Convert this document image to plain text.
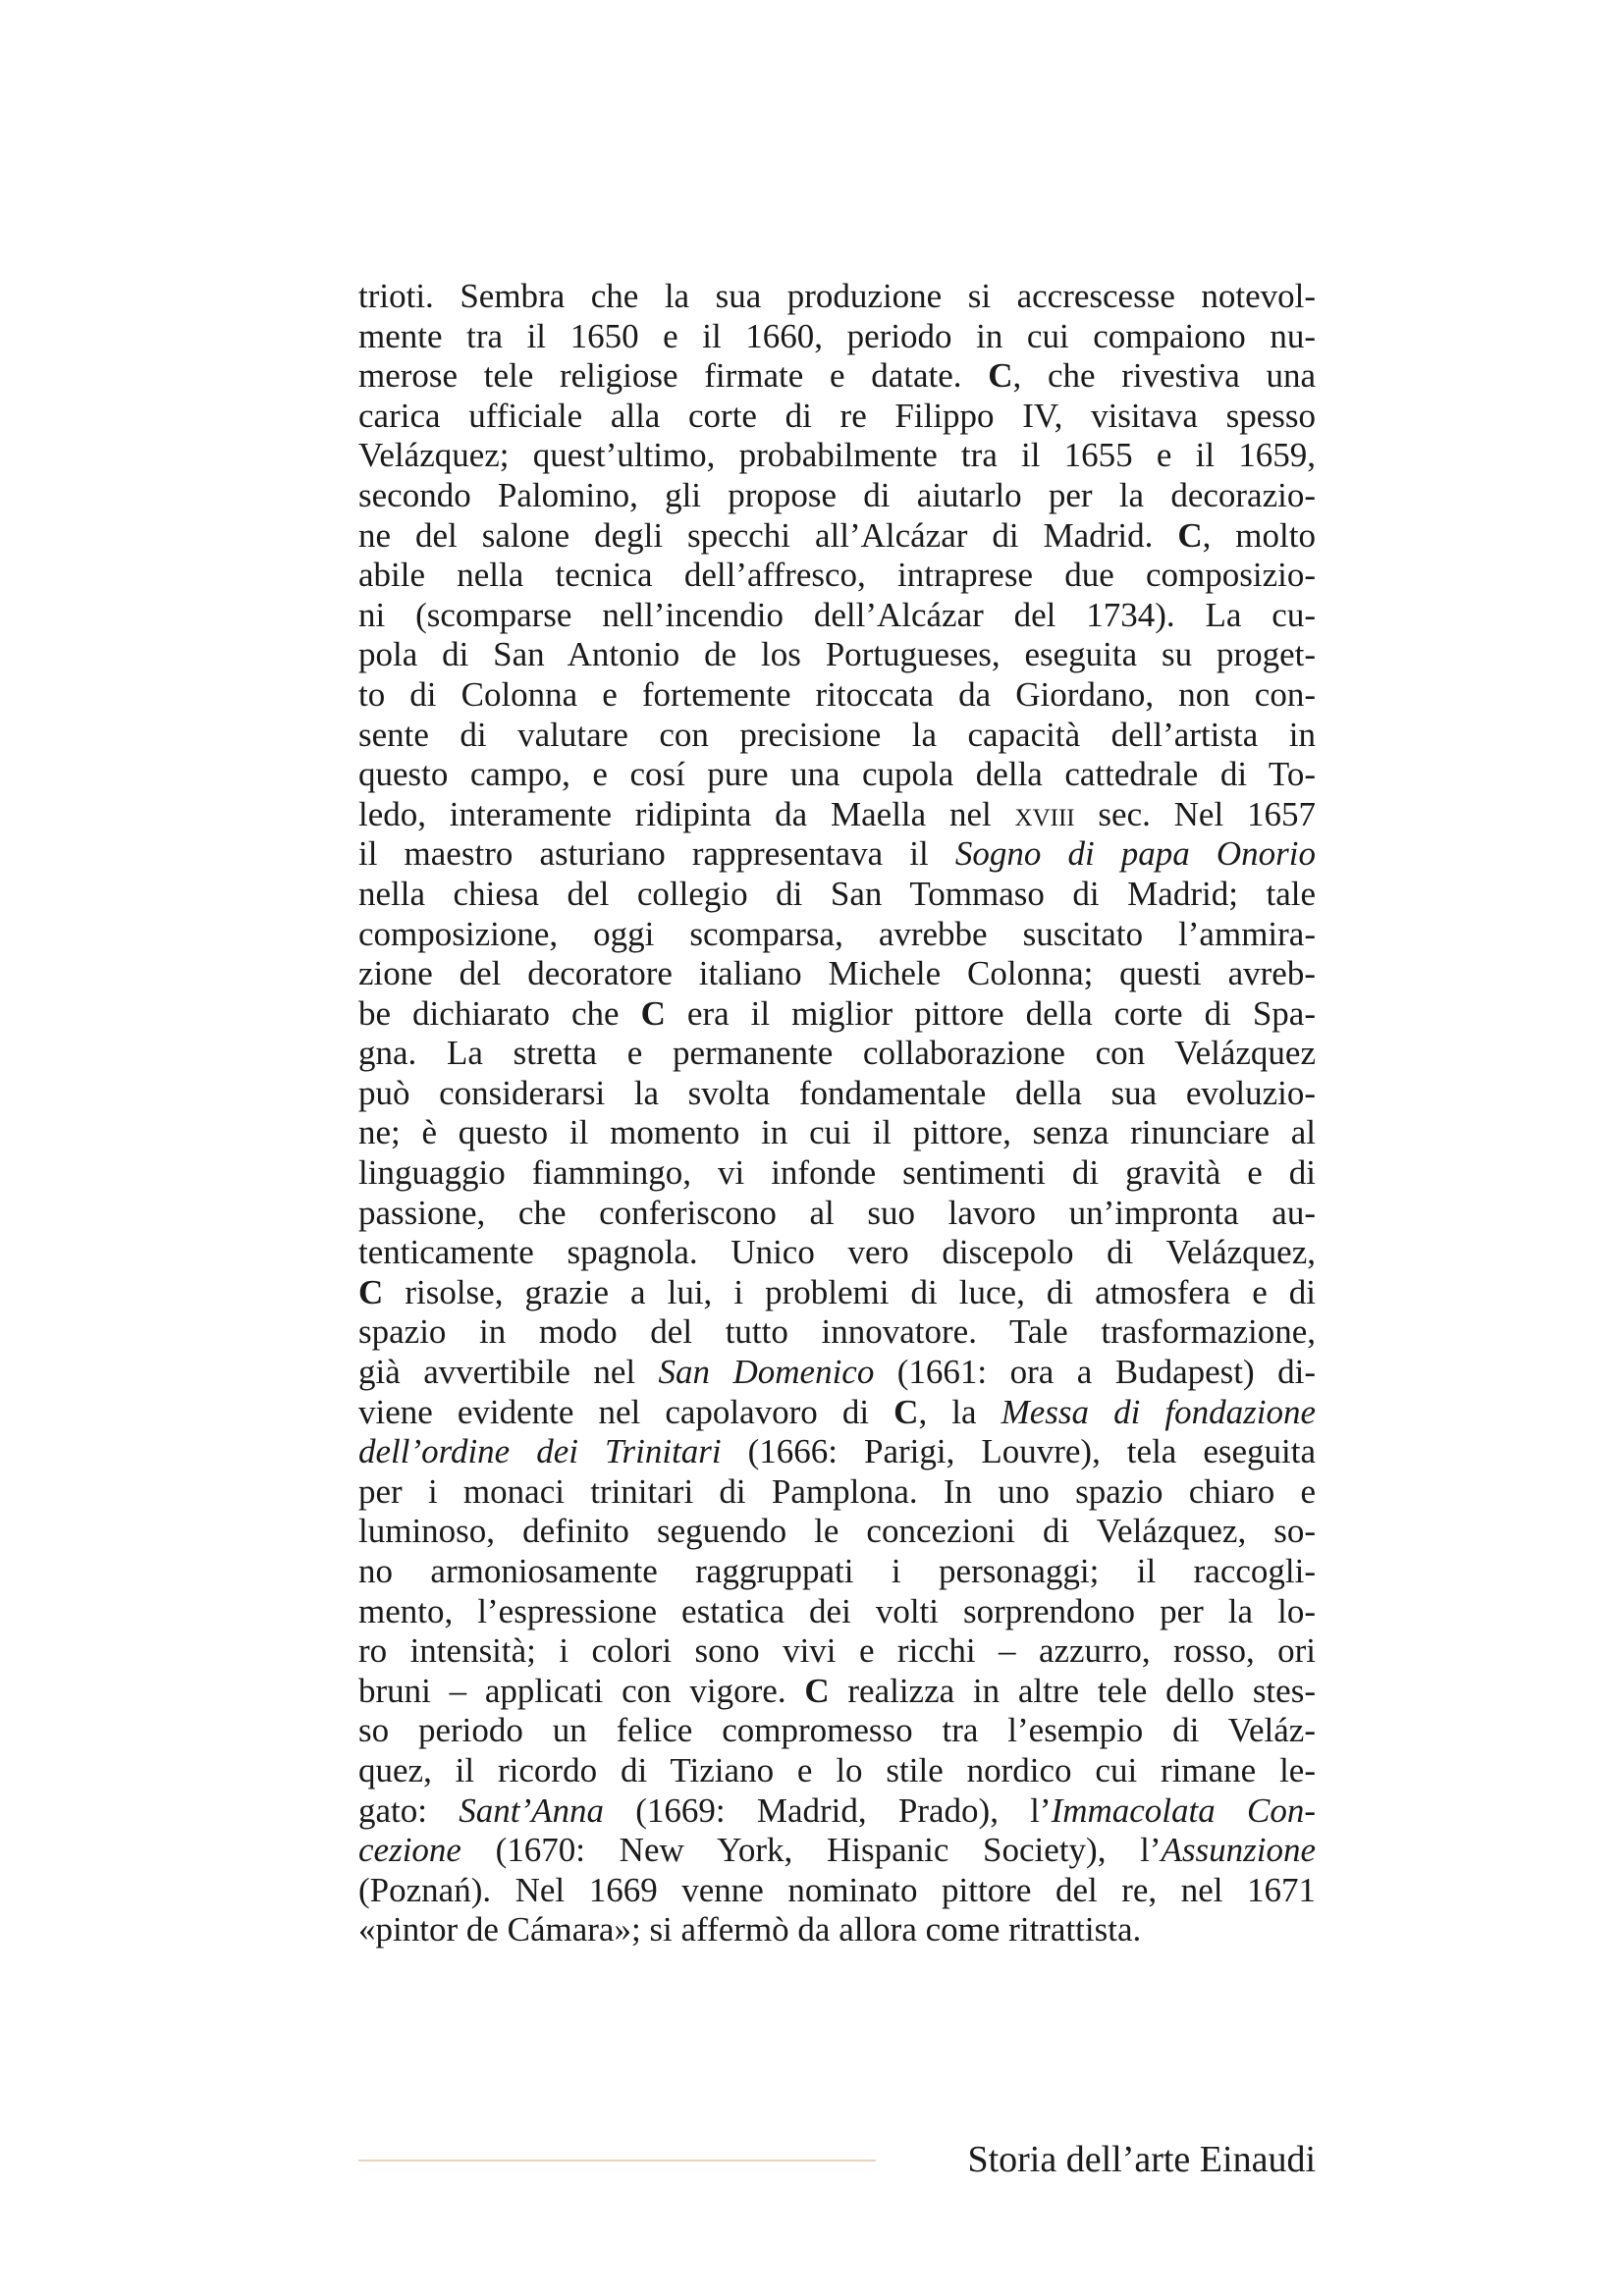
trioti. Sembra che la sua produzione si accrescesse notevol-
mente tra il 1650 e il 1660, periodo in cui compaiono nu-
merose tele religiose firmate e datate. C, che rivestiva una
carica ufficiale alla corte di re Filippo IV, visitava spesso
Velázquez; quest’ultimo, probabilmente tra il 1655 e il 1659,
secondo Palomino, gli propose di aiutarlo per la decorazio-
ne del salone degli specchi all’Alcázar di Madrid. C, molto
abile nella tecnica dell’affresco, intraprese due composizio-
ni (scomparse nell’incendio dell’Alcázar del 1734). La cu-
pola di San Antonio de los Portugueses, eseguita su proget-
to di Colonna e fortemente ritoccata da Giordano, non con-
sente di valutare con precisione la capacità dell’artista in
questo campo, e cosí pure una cupola della cattedrale di To-
ledo, interamente ridipinta da Maella nel xviii sec. Nel 1657
il maestro asturiano rappresentava il Sogno di papa Onorio
nella chiesa del collegio di San Tommaso di Madrid; tale
composizione, oggi scomparsa, avrebbe suscitato l’ammira-
zione del decoratore italiano Michele Colonna; questi avreb-
be dichiarato che C era il miglior pittore della corte di Spa-
gna. La stretta e permanente collaborazione con Velázquez
può considerarsi la svolta fondamentale della sua evoluzio-
ne; è questo il momento in cui il pittore, senza rinunciare al
linguaggio fiammingo, vi infonde sentimenti di gravità e di
passione, che conferiscono al suo lavoro un’impronta au-
tenticamente spagnola. Unico vero discepolo di Velázquez,
C risolse, grazie a lui, i problemi di luce, di atmosfera e di
spazio in modo del tutto innovatore. Tale trasformazione,
già avvertibile nel San Domenico (1661: ora a Budapest) di-
viene evidente nel capolavoro di C, la Messa di fondazione
dell’ordine dei Trinitari (1666: Parigi, Louvre), tela eseguita
per i monaci trinitari di Pamplona. In uno spazio chiaro e
luminoso, definito seguendo le concezioni di Velázquez, so-
no armoniosamente raggruppati i personaggi; il raccogli-
mento, l’espressione estatica dei volti sorprendono per la lo-
ro intensità; i colori sono vivi e ricchi – azzurro, rosso, ori
bruni – applicati con vigore. C realizza in altre tele dello stes-
so periodo un felice compromesso tra l’esempio di Veláz-
quez, il ricordo di Tiziano e lo stile nordico cui rimane le-
gato: Sant’Anna (1669: Madrid, Prado), l’Immacolata Con-
cezione (1670: New York, Hispanic Society), l’Assunzione
(Poznań). Nel 1669 venne nominato pittore del re, nel 1671
«pintor de Cámara»; si affermò da allora come ritrattista.
Storia dell’arte Einaudi
